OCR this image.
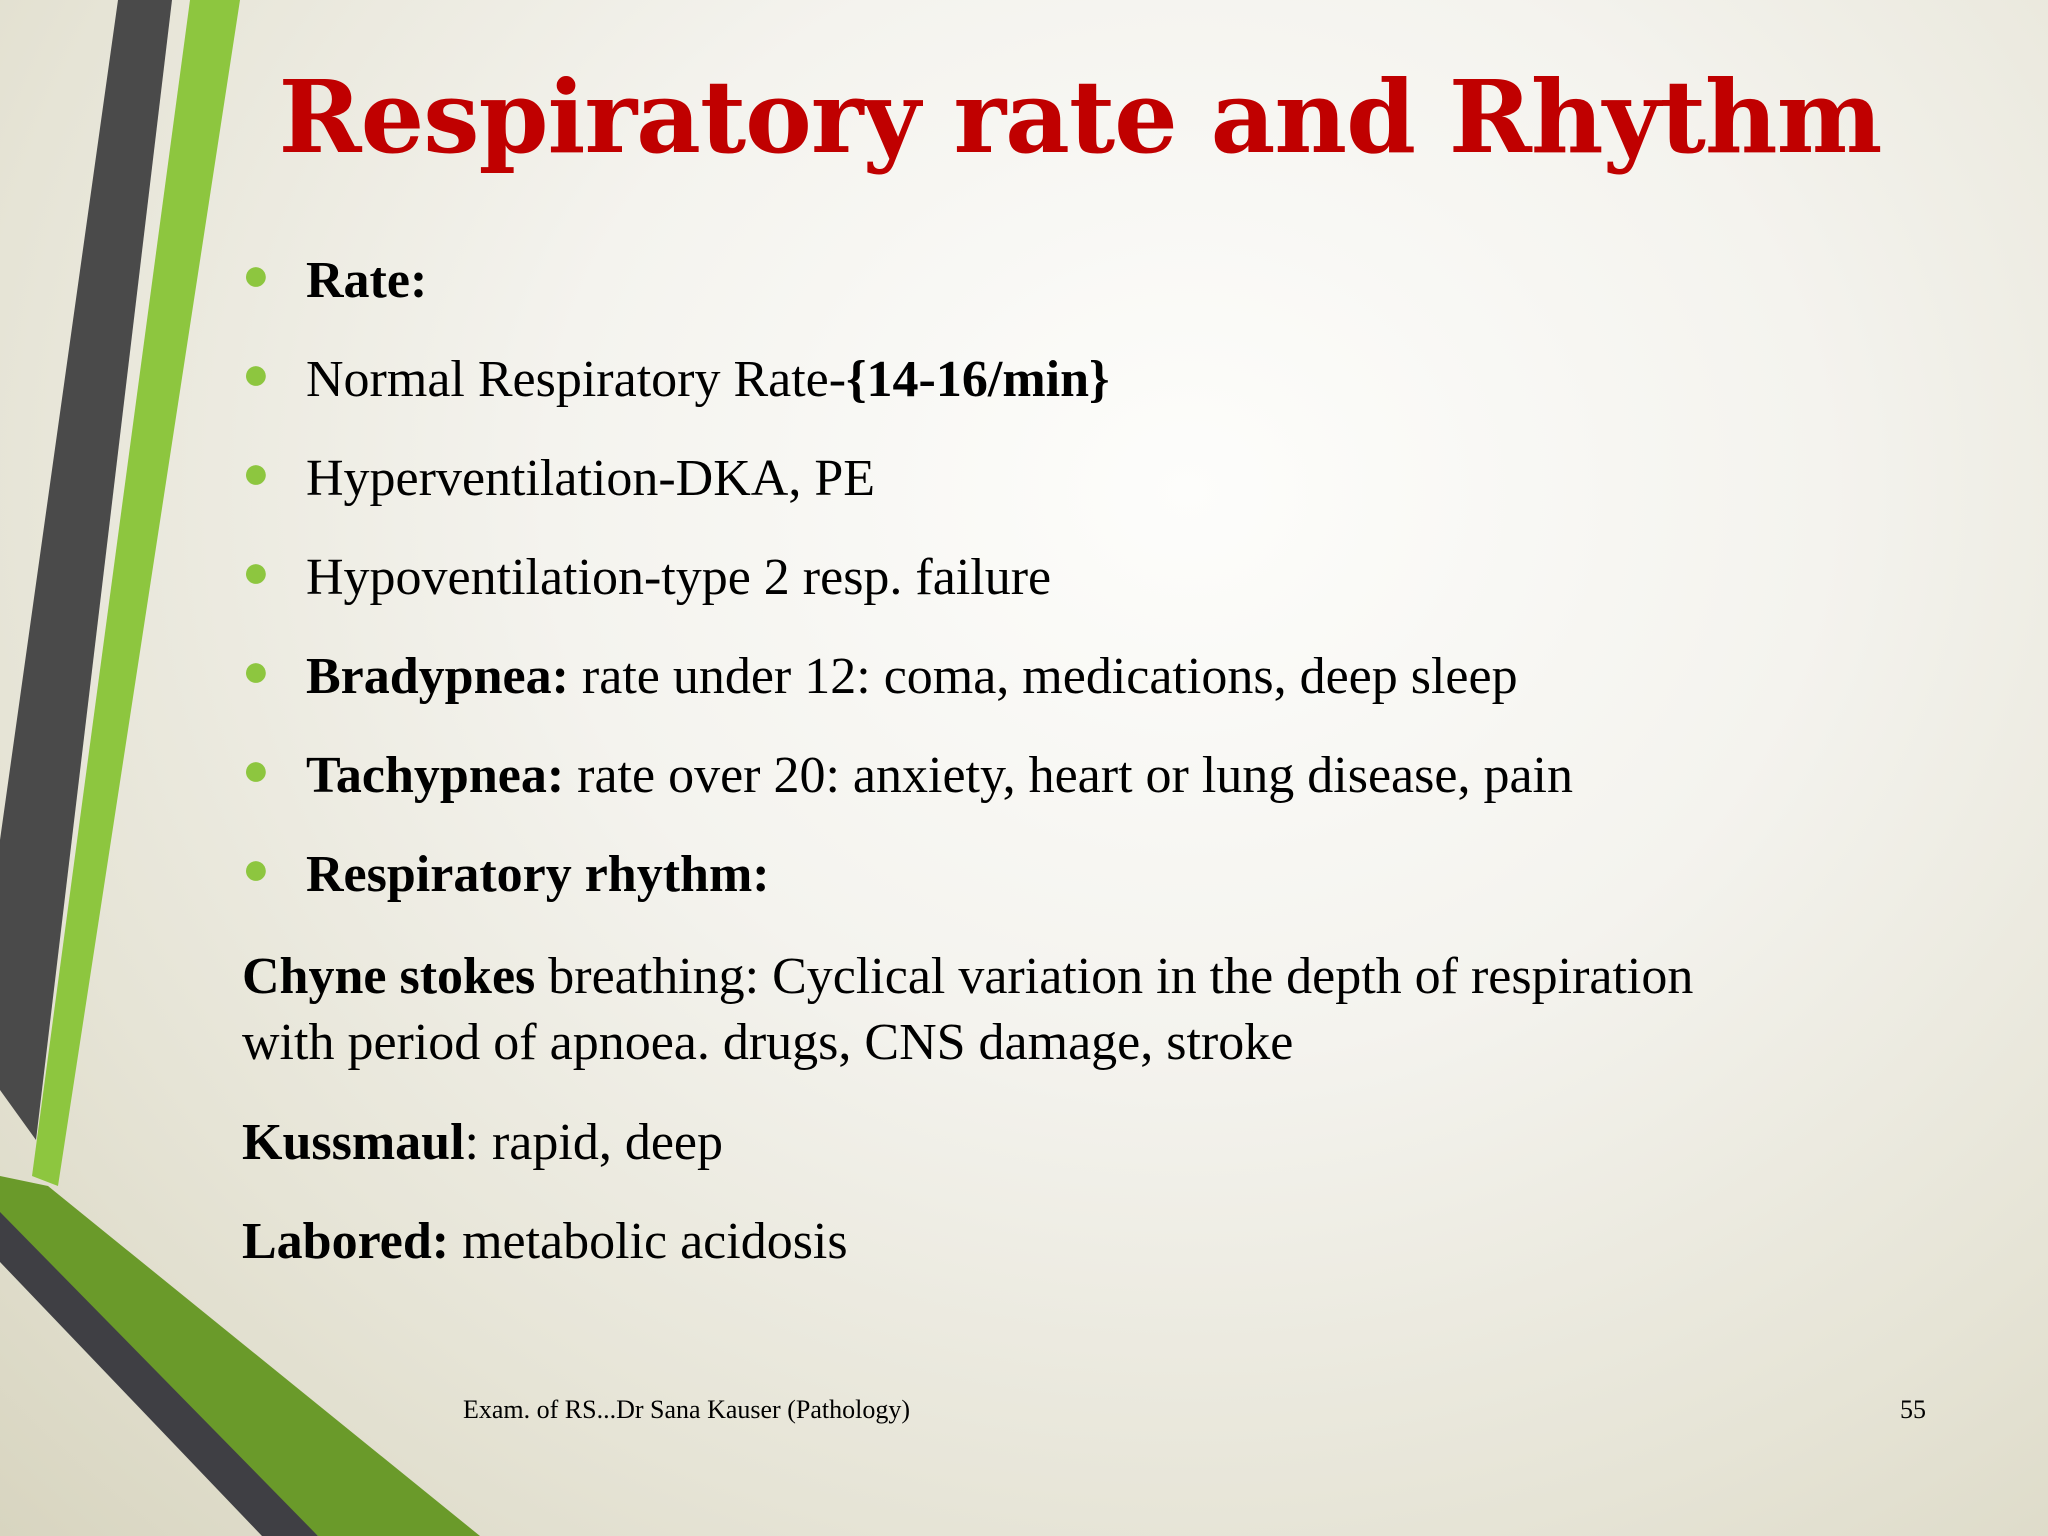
Respiratory rate and Rhythm
● Rate:
● Normal Respiratory Rate-{14-16/min}
● Hyperventilation-DKA, PE
● Hypoventilation-type 2 resp. failure
● Bradypnea: rate under 12: coma, medications, deep sleep
● Tachypnea: rate over 20: anxiety, heart or lung disease, pain
● Respiratory rhythm:
Chyne stokes breathing: Cyclical variation in the depth of respiration
with period of apnoea. drugs, CNS damage, stroke
Kussmaul: rapid, deep
Labored: metabolic acidosis
Exam. of RS...Dr Sana Kauser (Pathology)	55
